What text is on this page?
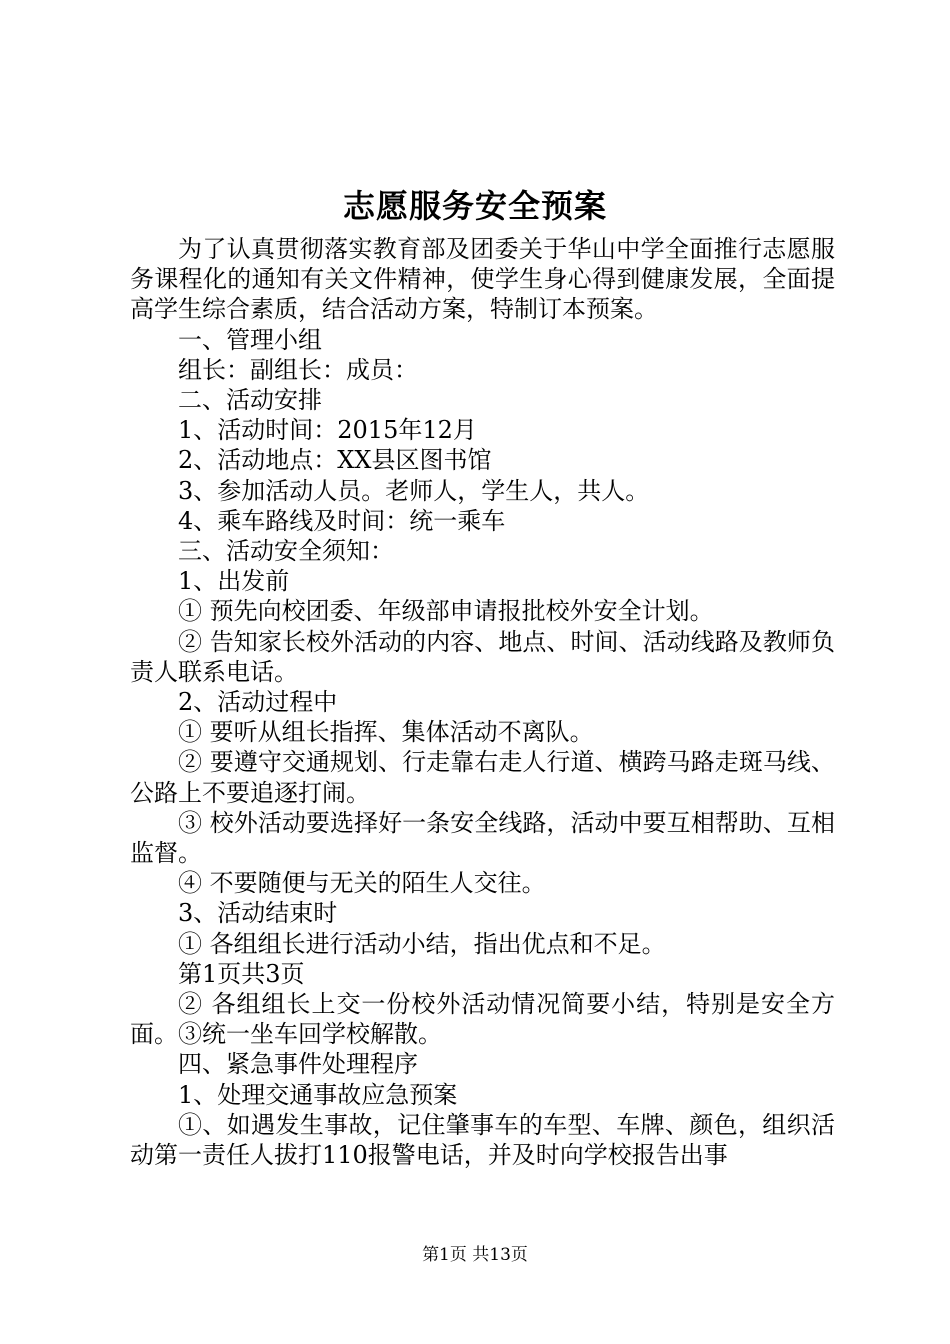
志愿服务安全预案

为了认真贯彻落实教育部及团委关于华山中学全面推行志愿服务课程化的通知有关文件精神，使学生身心得到健康发展，全面提高学生综合素质，结合活动方案，特制订本预案。

一、管理小组

组长：副组长：成员：

二、活动安排

1、活动时间：2015年12月

2、活动地点：XX县区图书馆

3、参加活动人员。老师人，学生人，共人。

4、乘车路线及时间：统一乘车

三、活动安全须知：

1、出发前

① 预先向校团委、年级部申请报批校外安全计划。

② 告知家长校外活动的内容、地点、时间、活动线路及教师负责人联系电话。

2、活动过程中

① 要听从组长指挥、集体活动不离队。

② 要遵守交通规划、行走靠右走人行道、横跨马路走斑马线、公路上不要追逐打闹。

③ 校外活动要选择好一条安全线路，活动中要互相帮助、互相监督。

④ 不要随便与无关的陌生人交往。

3、活动结束时

① 各组组长进行活动小结，指出优点和不足。

第1页共3页

② 各组组长上交一份校外活动情况简要小结，特别是安全方面。③统一坐车回学校解散。

四、紧急事件处理程序

1、处理交通事故应急预案

①、如遇发生事故，记住肇事车的车型、车牌、颜色，组织活动第一责任人拔打110报警电话，并及时向学校报告出事

第1页 共13页
